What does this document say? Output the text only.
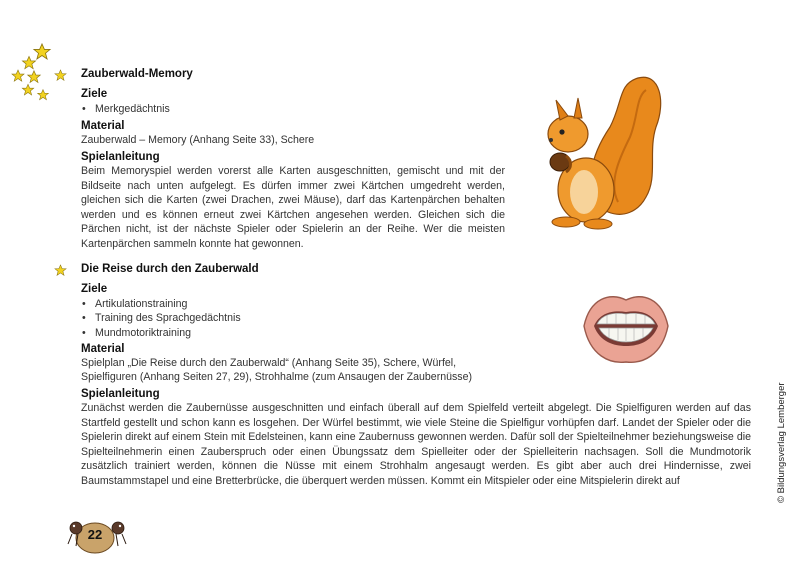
Zauberwald-Memory
Ziele
• Merkgedächtnis
Material
Zauberwald – Memory (Anhang Seite 33), Schere
Spielanleitung
Beim Memoryspiel werden vorerst alle Karten ausgeschnitten, gemischt und mit der Bildseite nach unten aufgelegt. Es dürfen immer zwei Kärtchen umgedreht werden, gleichen sich die Karten (zwei Drachen, zwei Mäuse), darf das Kartenpärchen behalten werden und es können erneut zwei Kärtchen angesehen werden. Gleichen sich die Pärchen nicht, ist der nächste Spieler oder Spielerin an der Reihe. Wer die meisten Kartenpärchen sammeln konnte hat gewonnen.
Die Reise durch den Zauberwald
Ziele
• Artikulationstraining
• Training des Sprachgedächtnis
• Mundmotoriktraining
Material
Spielplan „Die Reise durch den Zauberwald“ (Anhang Seite 35), Schere, Würfel,
Spielfiguren (Anhang Seiten 27, 29), Strohhalme (zum Ansaugen der Zaubernüsse)
Spielanleitung
Zunächst werden die Zaubernüsse ausgeschnitten und einfach überall auf dem Spielfeld verteilt abgelegt. Die Spielfiguren werden auf das Startfeld gestellt und schon kann es losgehen. Der Würfel bestimmt, wie viele Steine die Spielfigur vorhüpfen darf. Landet der Spieler oder die Spielerin direkt auf einem Stein mit Edelsteinen, kann eine Zaubernuss gewonnen werden. Dafür soll der Spielteilnehmer beziehungsweise die Spielteilnehmerin einen Zauberspruch oder einen Übungssatz dem Spielleiter oder der Spielleiterin nachsagen. Soll die Mundmotorik zusätzlich trainiert werden, können die Nüsse mit einem Strohhalm angesaugt werden. Es gibt aber auch drei Hindernisse, zwei Baumstammstapel und eine Bretterbrücke, die überquert werden müssen. Kommt ein Mitspieler oder eine Mitspielerin direkt auf	© Bildungsverlag Lemberger
22
